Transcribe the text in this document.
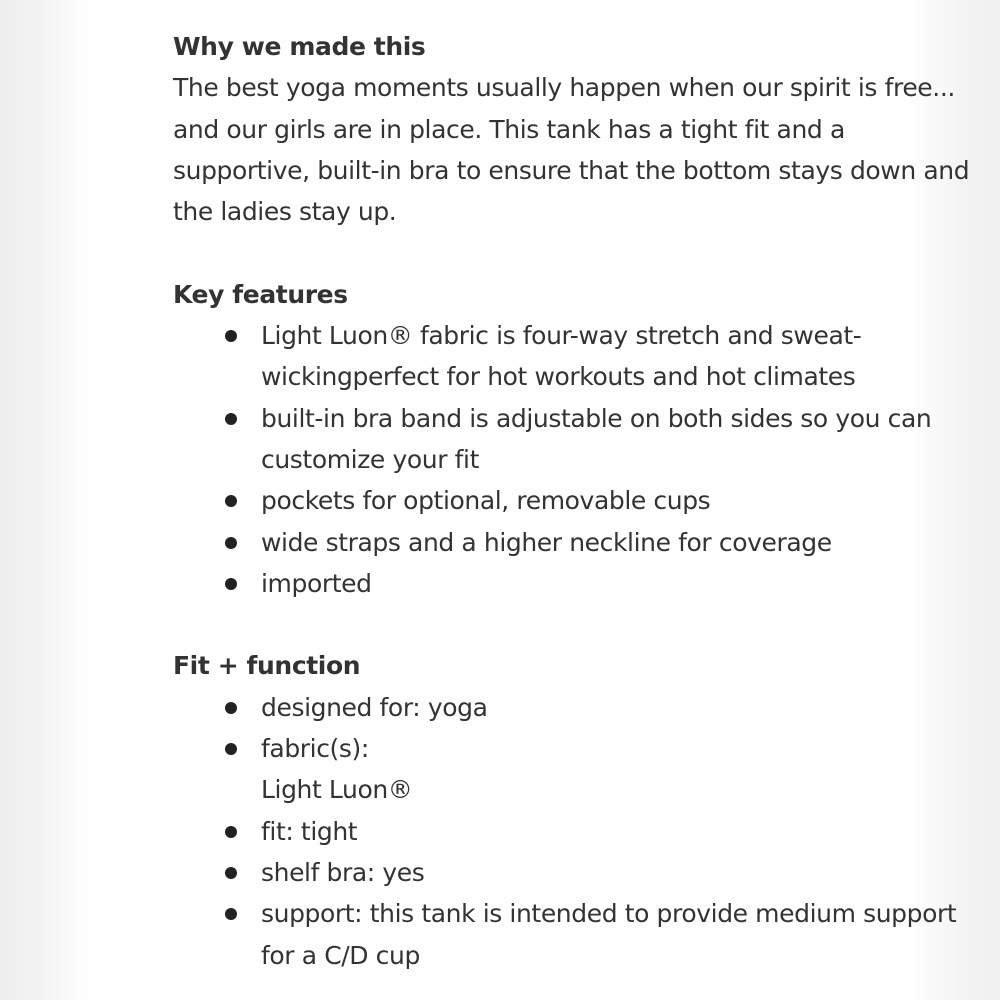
Why we made this

The best yoga moments usually happen when our spirit is free... and our girls are in place. This tank has a tight fit and a supportive, built-in bra to ensure that the bottom stays down and the ladies stay up.

Key features
Light Luon® fabric is four-way stretch and sweat-wickingperfect for hot workouts and hot climates
built-in bra band is adjustable on both sides so you can customize your fit
pockets for optional, removable cups
wide straps and a higher neckline for coverage
imported
Fit + function
designed for: yoga
fabric(s):
Light Luon®
fit: tight
shelf bra: yes
support: this tank is intended to provide medium support for a C/D cup
